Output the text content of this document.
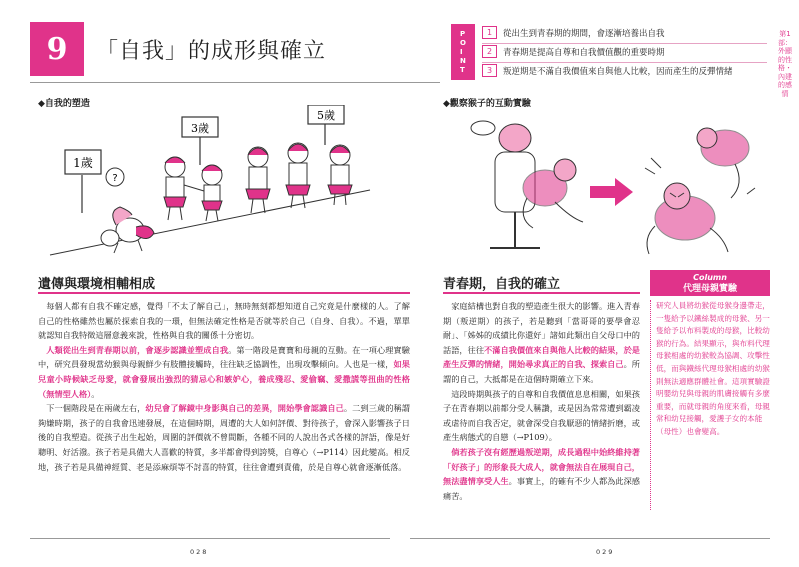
9 「自我」的成形與確立
P
O
I
N
T
1	從出生到青春期的期間，會逐漸培養出自我
2	青春期是提高自尊和自我價值觀的重要時期
3	叛逆期是不滿自我價值來自與他人比較，因而產生的反彈情緒
第1部：外顯的性格・內建的感情
◆自我的塑造
1歲
3歲
5歲
?
遺傳與環境相輔相成
每個人都有自我不確定感，覺得「不太了解自己」，無時無刻都想知道自己究竟是什麼樣的人。了解自己的性格雖然也屬於探索自我的一環，但無法確定性格是否就等於自己（自身、自我）。不過，單單就認知自我特徵這層意義來說，性格與自我的關係十分密切。
人類從出生到青春期以前，會逐步認識並塑成自我。第一階段是寶寶和母親的互動。在一項心理實驗中，研究員發現當幼猴與母親鮮少有肢體接觸時，往往缺乏協調性，出現攻擊傾向。人也是一樣，如果兒童小時候缺乏母愛，就會發展出強烈的猜忌心和嫉妒心，養成殘忍、愛偷竊、愛撒謊等扭曲的性格（無情型人格）。
下一個階段是在兩歲左右，幼兒會了解鏡中身影與自己的差異，開始學會認識自己。二到三歲的稱謂夠嫌時期，孩子的自我會迅速發展，在這個時期，周遭的大人如何評價、對待孩子，會深入影響孩子日後的自我塑造。從孩子出生起始，周圍的評價就不曾間斷，各種不同的人說出各式各樣的評語，像是好聰明、好活潑。孩子若是具備大人喜歡的特質，多半都會得到誇獎，自尊心（→P114）因此變高。相反地，孩子若是具備神經質、老是添麻煩等不討喜的特質，往往會遭到責備，於是自尊心就會逐漸低落。
◆觀察猴子的互動實驗
青春期，自我的確立
家庭結構也對自我的塑造產生很大的影響。進入青春期（叛逆期）的孩子，若是聽到「當哥哥的要學會忍耐」、「姊姊的成績比你還好」諸如此類出自父母口中的話語，往往不滿自我價值來自與他人比較的結果，於是產生反彈的情緒，開始尋求真正的自我、探索自己。所謂的自己，大抵都是在這個時期確立下來。
這段時期與孩子的自尊和自我價值息息相關，如果孩子在青春期以前都分受人稱讚，或是因為常常遭到霸凌或虐待而自我否定，就會深受自我厭惡的情緒折磨，或產生病態式的自戀（→P109）。
倘若孩子沒有經歷過叛逆期，成長過程中始終維持著「好孩子」的形象長大成人，就會無法自在展現自己，無法盡情享受人生。事實上，的確有不少人都為此深感痛苦。
Column
代理母親實驗
研究人員將幼猴從母猴身邊帶走，一隻給予以鐵絲製成的母猴、另一隻給予以布料製成的母猴，比較幼猴的行為。結果顯示，與布料代理母猴相處的幼猴較為協調、攻擊性低，而與鐵絲代理母猴相處的幼猴則無法適應群體社會。這項實驗證明嬰幼兒與母親的肌膚接觸有多麼重要，而就母親的角度來看，母親常和幼兒接觸，愛護子女的本能（母性）也會變高。
028	029
